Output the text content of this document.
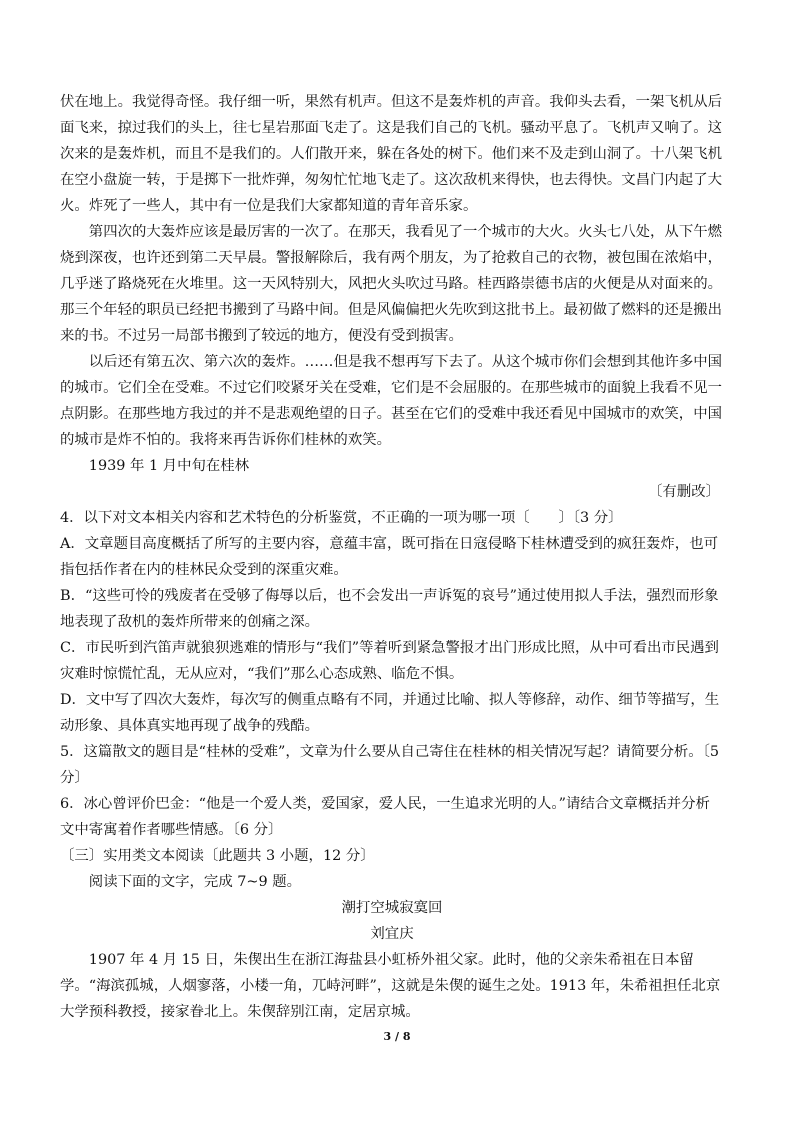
伏在地上。我觉得奇怪。我仔细一听，果然有机声。但这不是轰炸机的声音。我仰头去看，一架飞机从后面飞来，掠过我们的头上，往七星岩那面飞走了。这是我们自己的飞机。骚动平息了。飞机声又响了。这次来的是轰炸机，而且不是我们的。人们散开来，躲在各处的树下。他们来不及走到山洞了。十八架飞机在空小盘旋一转，于是掷下一批炸弹，匆匆忙忙地飞走了。这次敌机来得快，也去得快。文昌门内起了大火。炸死了一些人，其中有一位是我们大家都知道的青年音乐家。

第四次的大轰炸应该是最厉害的一次了。在那天，我看见了一个城市的大火。火头七八处，从下午燃烧到深夜，也许还到第二天早晨。警报解除后，我有两个朋友，为了抢救自己的衣物，被包围在浓焰中，几乎迷了路烧死在火堆里。这一天风特别大，风把火头吹过马路。桂西路崇德书店的火便是从对面来的。那三个年轻的职员已经把书搬到了马路中间。但是风偏偏把火先吹到这批书上。最初做了燃料的还是搬出来的书。不过另一局部书搬到了较远的地方，便没有受到损害。

以后还有第五次、第六次的轰炸。……但是我不想再写下去了。从这个城市你们会想到其他许多中国的城市。它们全在受难。不过它们咬紧牙关在受难，它们是不会屈服的。在那些城市的面貌上我看不见一点阴影。在那些地方我过的并不是悲观绝望的日子。甚至在它们的受难中我还看见中国城市的欢笑，中国的城市是炸不怕的。我将来再告诉你们桂林的欢笑。

1939 年 1 月中旬在桂林

〔有删改〕

4．以下对文本相关内容和艺术特色的分析鉴赏，不正确的一项为哪一项〔　　〕〔3 分〕

A．文章题目高度概括了所写的主要内容，意蕴丰富，既可指在日寇侵略下桂林遭受到的疯狂轰炸，也可指包括作者在内的桂林民众受到的深重灾难。

B．“这些可怜的残废者在受够了侮辱以后，也不会发出一声诉冤的哀号”通过使用拟人手法，强烈而形象地表现了敌机的轰炸所带来的创痛之深。

C．市民听到汽笛声就狼狈逃难的情形与“我们”等着听到紧急警报才出门形成比照，从中可看出市民遇到灾难时惊慌忙乱，无从应对，“我们”那么心态成熟、临危不惧。

D．文中写了四次大轰炸，每次写的侧重点略有不同，并通过比喻、拟人等修辞，动作、细节等描写，生动形象、具体真实地再现了战争的残酷。

5．这篇散文的题目是“桂林的受难”，文章为什么要从自己寄住在桂林的相关情况写起？请简要分析。〔5 分〕

6．冰心曾评价巴金：“他是一个爱人类，爱国家，爱人民，一生追求光明的人。”请结合文章概括并分析文中寄寓着作者哪些情感。〔6 分〕

〔三〕实用类文本阅读〔此题共 3 小题，12 分〕

阅读下面的文字，完成 7~9 题。

潮打空城寂寞回

刘宜庆

1907 年 4 月 15 日，朱偰出生在浙江海盐县小虹桥外祖父家。此时，他的父亲朱希祖在日本留学。“海滨孤城，人烟寥落，小楼一角，兀峙河畔”，这就是朱偰的诞生之处。1913 年，朱希祖担任北京大学预科教授，接家眷北上。朱偰辞别江南，定居京城。

3 / 8
